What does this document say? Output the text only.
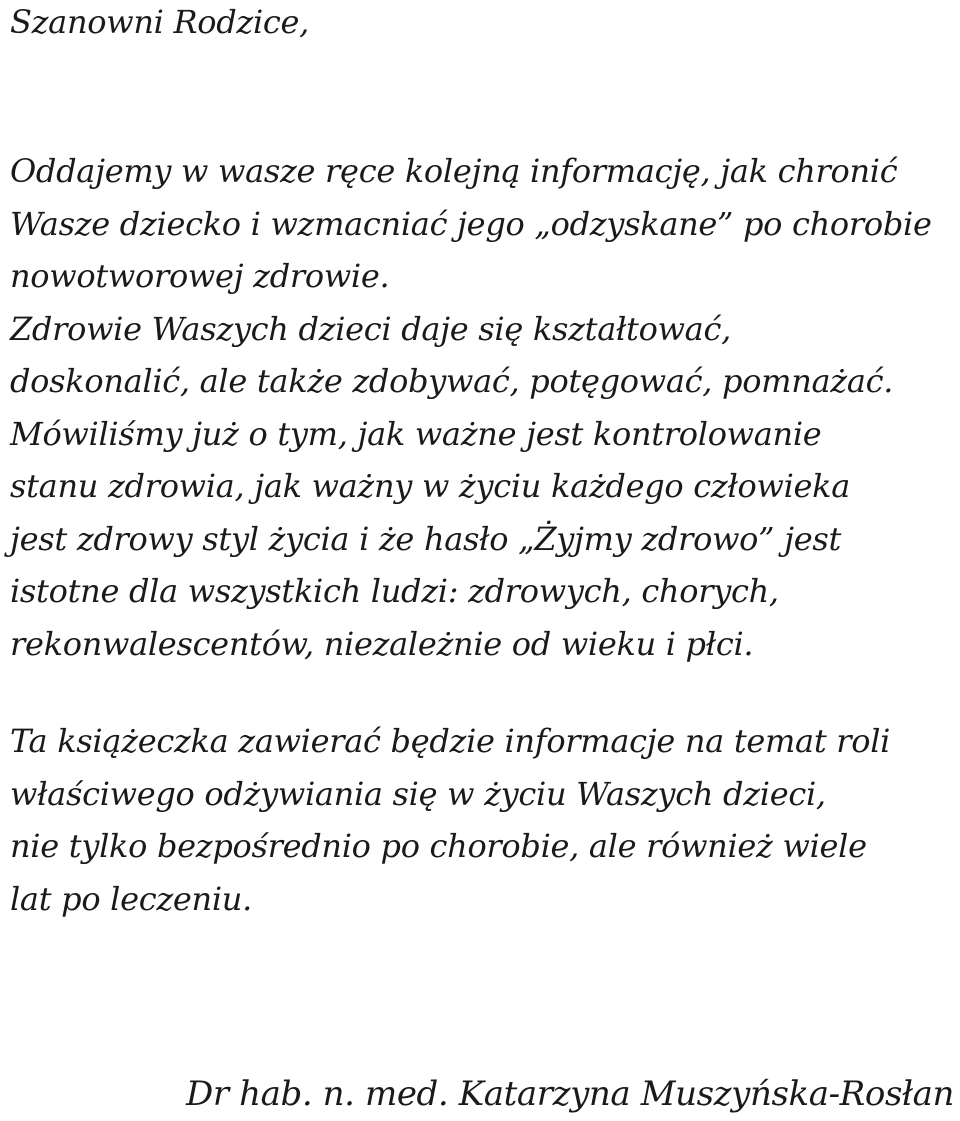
Szanowni Rodzice,

Oddajemy w wasze ręce kolejną informację, jak chronić
Wasze dziecko i wzmacniać jego „odzyskane” po chorobie
nowotworowej zdrowie.
Zdrowie Waszych dzieci daje się kształtować,
doskonalić, ale także zdobywać, potęgować, pomnażać.
Mówiliśmy już o tym, jak ważne jest kontrolowanie
stanu zdrowia, jak ważny w życiu każdego człowieka
jest zdrowy styl życia i że hasło „Żyjmy zdrowo” jest
istotne dla wszystkich ludzi: zdrowych, chorych,
rekonwalescentów, niezależnie od wieku i płci.
Ta książeczka zawierać będzie informacje na temat roli
właściwego odżywiania się w życiu Waszych dzieci,
nie tylko bezpośrednio po chorobie, ale również wiele
lat po leczeniu.

Dr hab. n. med. Katarzyna Muszyńska-Rosłan
